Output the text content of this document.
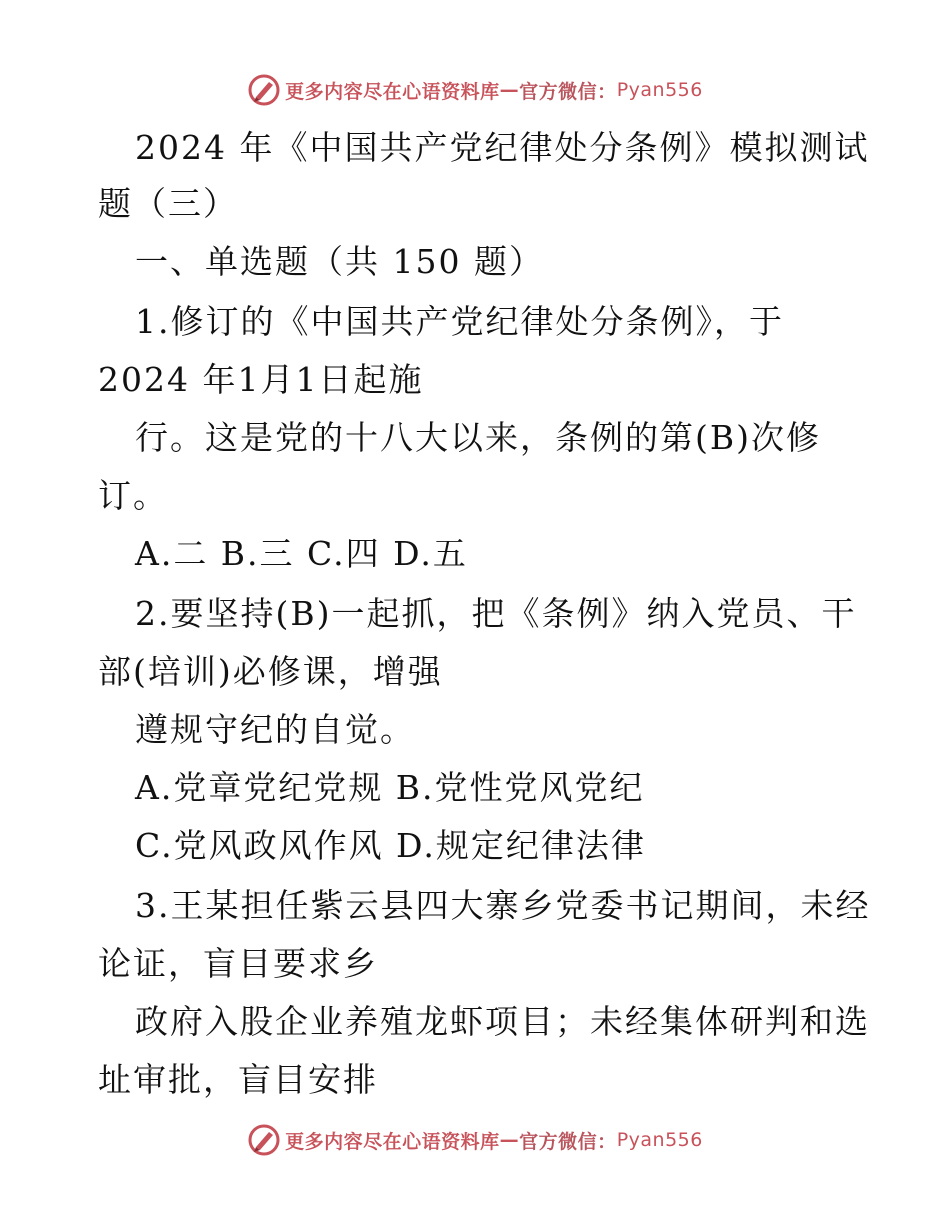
更多内容尽在心语资料库 — 官方微信： Pyan556
2024 年《中国共产党纪律处分条例》模拟测试
题（三）
一、单选题（共 150 题）
1.修订的《中国共产党纪律处分条例》，于
2024 年1月1日起施
行。这是党的十八大以来，条例的第(B)次修
订。
A.二 B.三 C.四 D.五
2.要坚持(B)一起抓，把《条例》纳入党员、干
部(培训)必修课，增强
遵规守纪的自觉。
A.党章党纪党规 B.党性党风党纪
C.党风政风作风 D.规定纪律法律
3.王某担任紫云县四大寨乡党委书记期间，未经
论证，盲目要求乡
政府入股企业养殖龙虾项目；未经集体研判和选
址审批，盲目安排
更多内容尽在心语资料库 — 官方微信： Pyan556
